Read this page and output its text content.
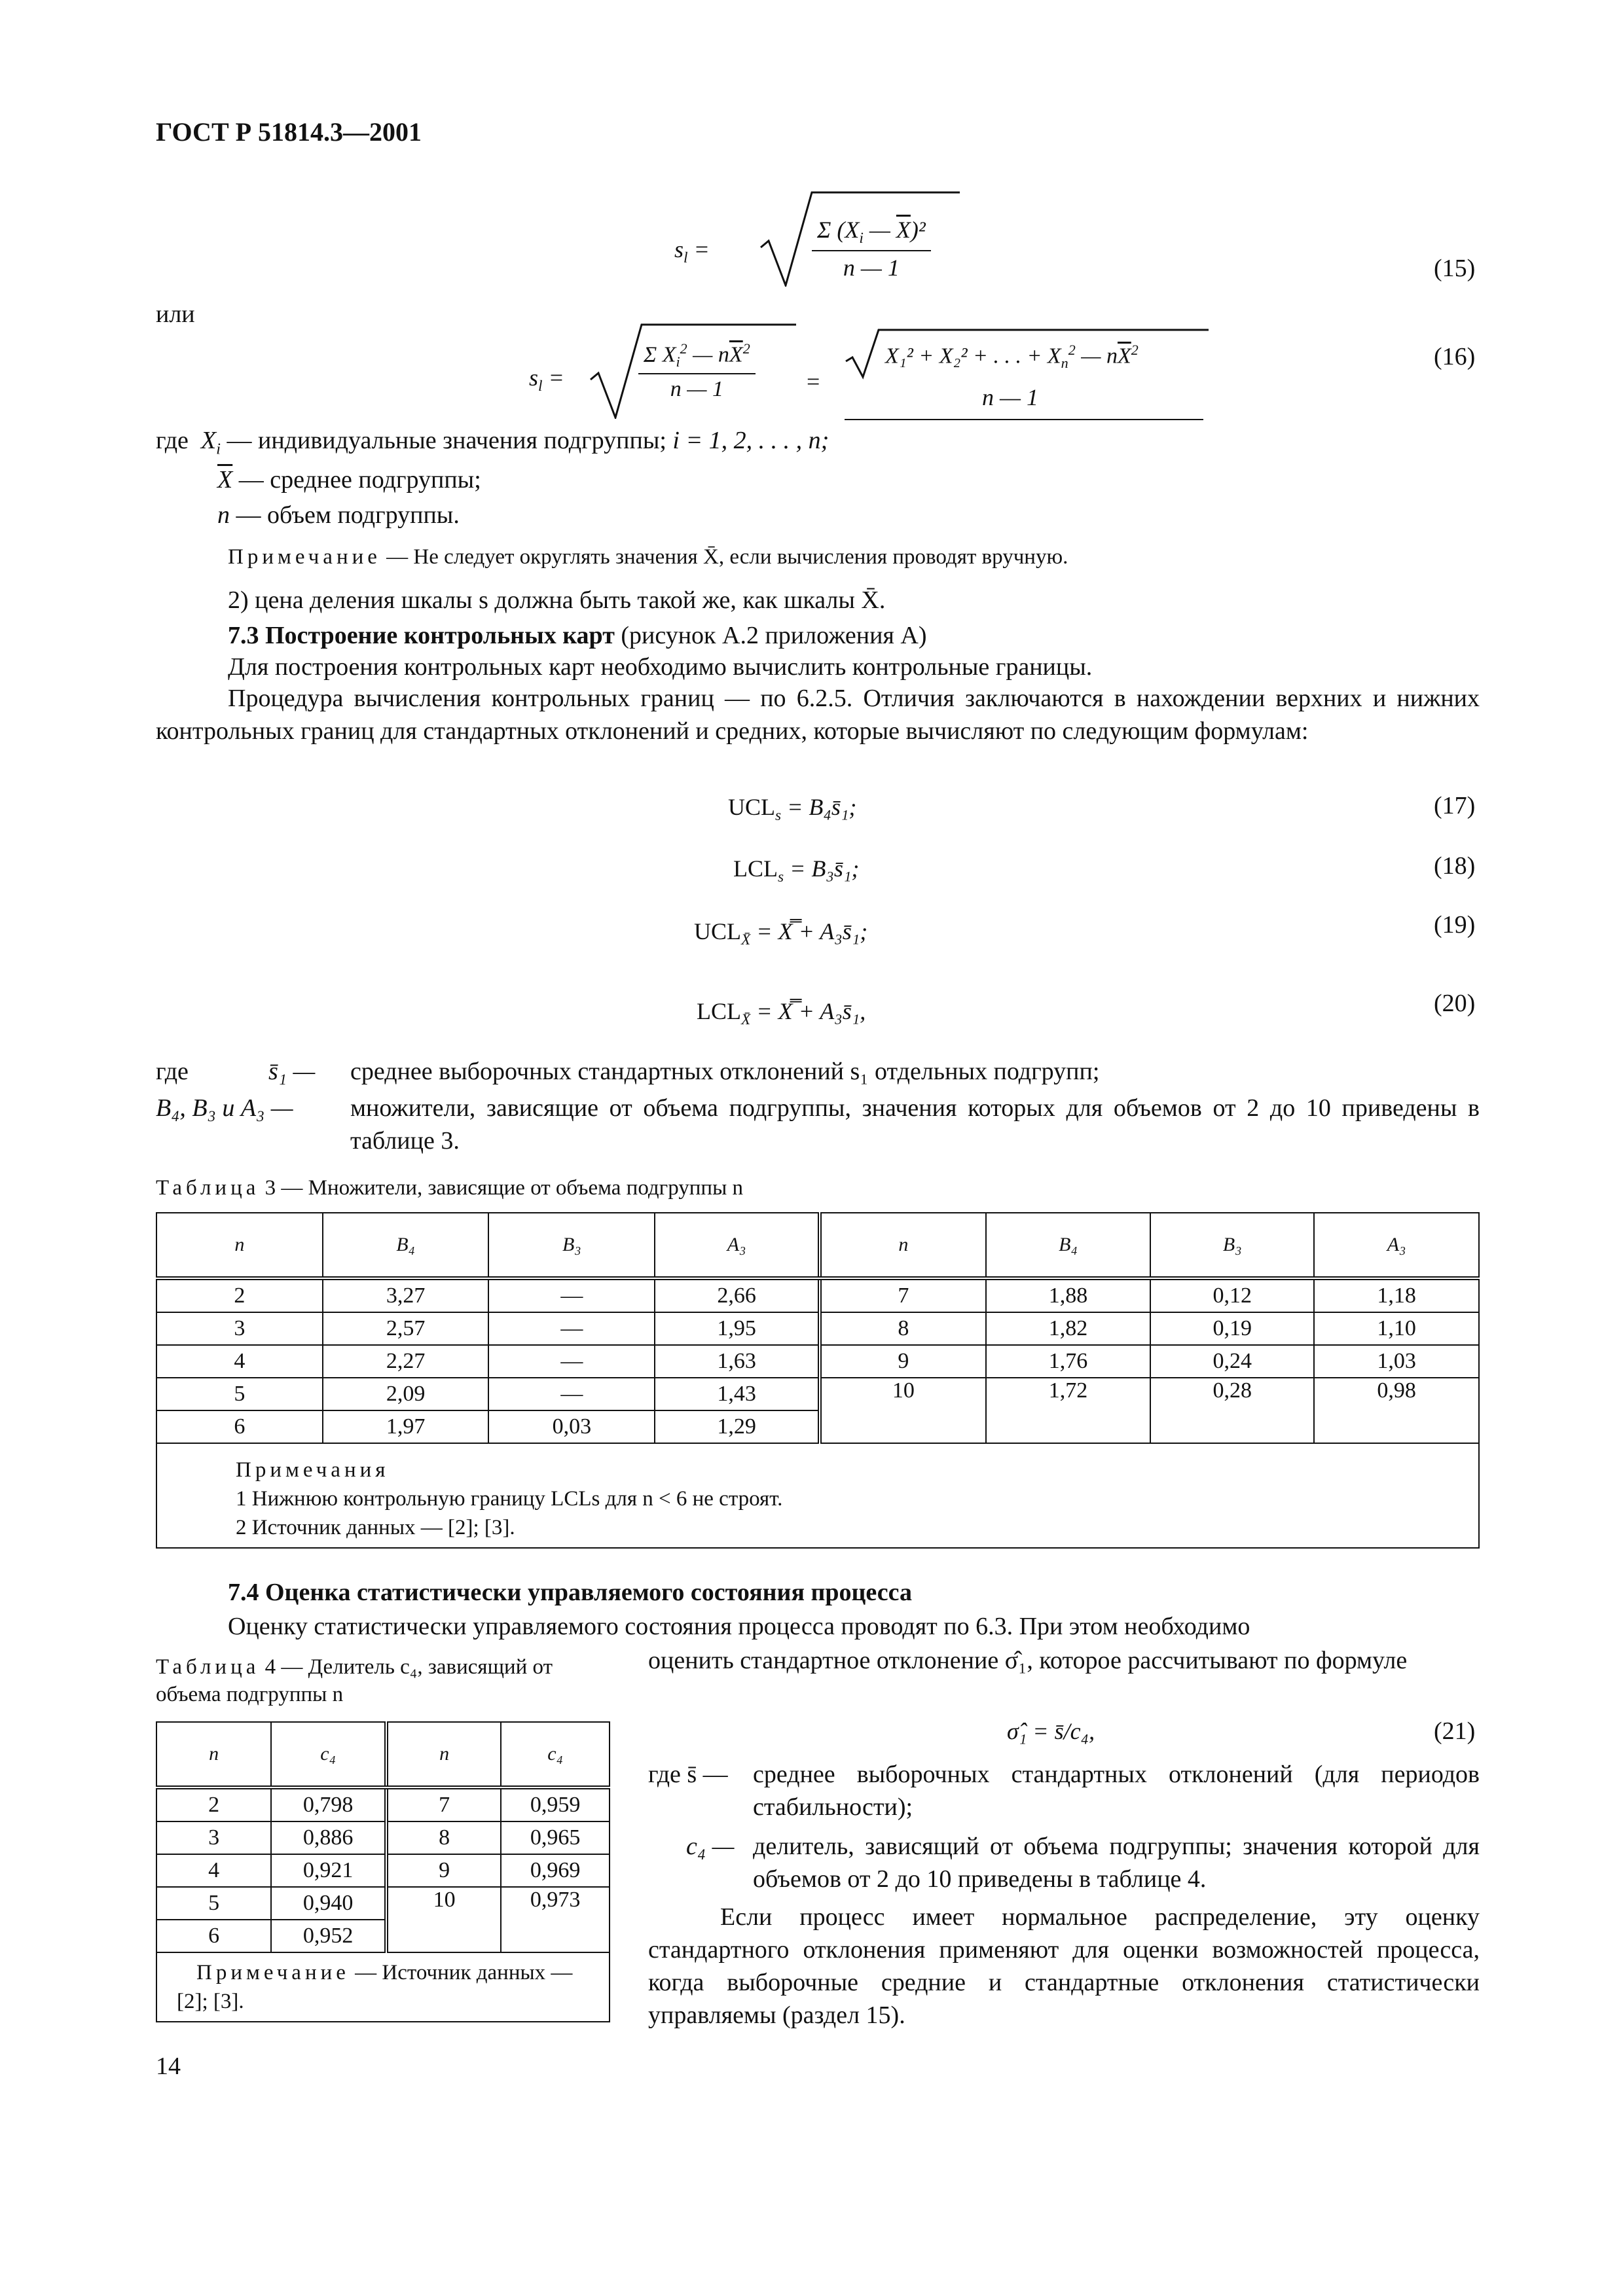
ГОСТ Р 51814.3—2001
$s_l$ =	$\frac{\Sigma (X_i — \overline{X})^2}{n — 1}$	(15)
или
$s_l$ =	$\frac{\Sigma X_i^2 — n\overline{X}^2}{n — 1}$ =
X₁² + X₂² + . . . + $X_n^2$ — $n\overline{X}^2$
n — 1
(16)
где $X_i$ — индивидуальные значения подгруппы; i = 1, 2, . . . , n;
$\overline{X}$ — среднее подгруппы;
n — объем подгруппы.
Примечание — Не следует округлять значения X̄, если вычисления проводят вручную.
2) цена деления шкалы s должна быть такой же, как шкалы X̄.
7.3 Построение контрольных карт (рисунок А.2 приложения А)
Для построения контрольных карт необходимо вычислить контрольные границы.
Процедура вычисления контрольных границ — по 6.2.5. Отличия заключаются в нахождении верхних и нижних контрольных границ для стандартных отклонений и средних, которые вычисляют по следующим формулам:
$UCL_s$ = B₄s̄₁;	(17)
$LCL_s$ = B₃s̄₁;	(18)
$UCL_{X̄}$ = X̿ + A₃s̄₁;	(19)
$LCL_{X̄}$ = X̿ + A₃s̄₁,	(20)
где	s̄₁ — среднее выборочных стандартных отклонений s₁ отдельных подгрупп;
B₄, B₃ и A₃ — множители, зависящие от объема подгруппы, значения которых для объемов от 2 до 10 приведены в таблице 3.
Таблица 3 — Множители, зависящие от объема подгруппы n
n	B₄	B₃	A₃	n	B₄	B₃	A₃
2	3,27	—	2,66	7	1,88	0,12	1,18
3	2,57	—	1,95	8	1,82	0,19	1,10
4	2,27	—	1,63	9	1,76	0,24	1,03
5	2,09	—	1,43	10	1,72	0,28	0,98
6	1,97	0,03	1,29				

Примечания
1 Нижнюю контрольную границу LCLs для n < 6 не строят.
2 Источник данных — [2]; [3].							
7.4 Оценка статистически управляемого состояния процесса
Оценку статистически управляемого состояния процесса проводят по 6.3. При этом необходимо
Таблица 4 — Делитель c₄, зависящий от объема подгруппы n
n	c₄	n	c₄
2	0,798	7	0,959
3	0,886	8	0,965
4	0,921	9	0,969
5	0,940	10	0,973
6	0,952		
Примечание — Источник данных — [2]; [3].			
оценить стандартное отклонение σ̂₁, которое рассчитывают по формуле
σ̂₁ = s̄/c₄,	(21)
где s̄ — среднее выборочных стандартных отклонений (для периодов стабильности);
c₄ — делитель, зависящий от объема подгруппы; значения которой для объемов от 2 до 10 приведены в таблице 4.
Если процесс имеет нормальное распределение, эту оценку стандартного отклонения применяют для оценки возможностей процесса, когда выборочные средние и стандартные отклонения статистически управляемы (раздел 15).
14
